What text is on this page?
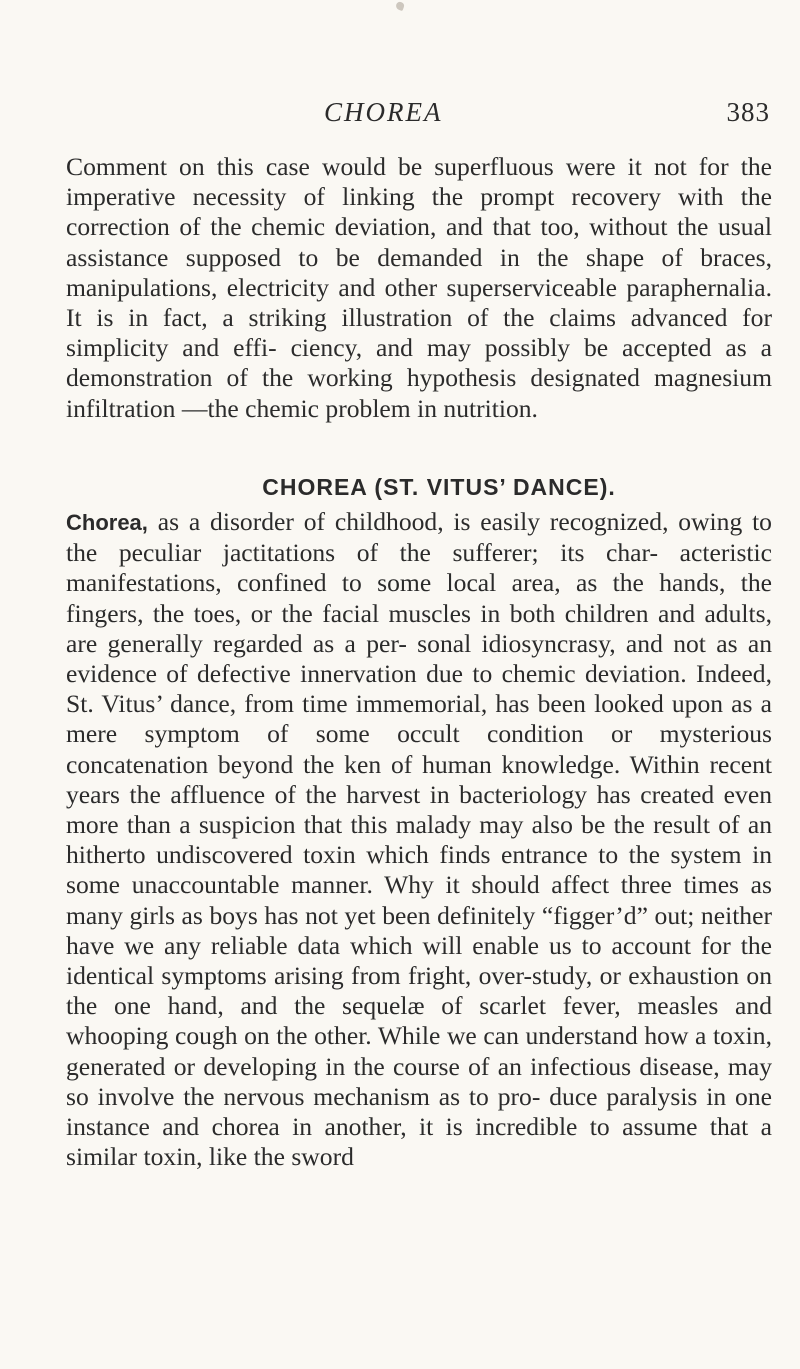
CHOREA	383

Comment on this case would be superfluous were it not for the imperative necessity of linking the prompt recovery with the correction of the chemic deviation, and that too, without the usual assistance supposed to be demanded in the shape of braces, manipulations, electricity and other superserviceable paraphernalia. It is in fact, a striking illustration of the claims advanced for simplicity and effi- ciency, and may possibly be accepted as a demonstration of the working hypothesis designated magnesium infiltration —the chemic problem in nutrition.

CHOREA (ST. VITUS’ DANCE).

Chorea, as a disorder of childhood, is easily recognized, owing to the peculiar jactitations of the sufferer; its char- acteristic manifestations, confined to some local area, as the hands, the fingers, the toes, or the facial muscles in both children and adults, are generally regarded as a per- sonal idiosyncrasy, and not as an evidence of defective innervation due to chemic deviation. Indeed, St. Vitus’ dance, from time immemorial, has been looked upon as a mere symptom of some occult condition or mysterious concatenation beyond the ken of human knowledge. Within recent years the affluence of the harvest in bacteriology has created even more than a suspicion that this malady may also be the result of an hitherto undiscovered toxin which finds entrance to the system in some unaccountable manner. Why it should affect three times as many girls as boys has not yet been definitely “figger’d” out; neither have we any reliable data which will enable us to account for the identical symptoms arising from fright, over-study, or exhaustion on the one hand, and the sequelæ of scarlet fever, measles and whooping cough on the other. While we can understand how a toxin, generated or developing in the course of an infectious disease, may so involve the nervous mechanism as to pro- duce paralysis in one instance and chorea in another, it is incredible to assume that a similar toxin, like the sword
